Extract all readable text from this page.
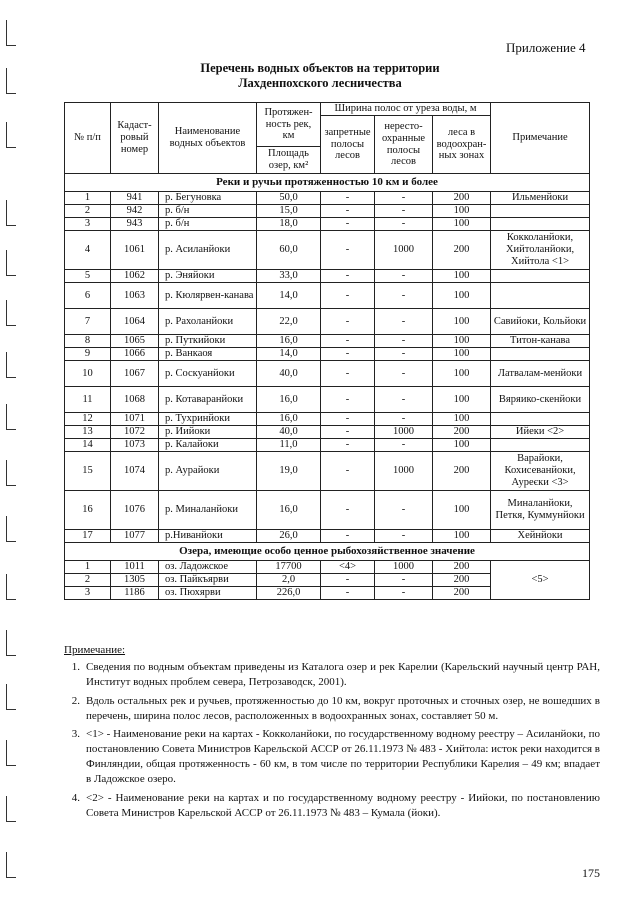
Приложение 4
Перечень водных объектов на территории
Лахденпохского лесничества
№ п/п	Кадаст-ровый номер	Наименование водных объектов	Протяжен-ность рек, км	Ширина полос от уреза воды, м			Примечание
				запретные полосы лесов	нересто-охранные полосы лесов	леса в водоохран-ных зонах	
			Площадь озер, км²				
Реки и ручьи протяженностью 10 км и более							
1	941	р. Бегуновка	50,0	-	-	200	Ильменйоки
2	942	р. б/н	15,0	-	-	100	
3	943	р. б/н	18,0	-	-	100	
4	1061	р. Асиланйоки	60,0	-	1000	200	Кокколанйоки, Хийтоланйоки, Хийтола <1>
5	1062	р. Эняйоки	33,0	-	-	100	
6	1063	р. Кюлярвен-канава	14,0	-	-	100	
7	1064	р. Рахоланйоки	22,0	-	-	100	Савийоки, Кольйоки
8	1065	р. Путкийоки	16,0	-	-	100	Титон-канава
9	1066	р. Ванкаоя	14,0	-	-	100	
10	1067	р. Соскуанйоки	40,0	-	-	100	Латвалам-менйоки
11	1068	р. Котаваранйоки	16,0	-	-	100	Вяряико-скенйоки
12	1071	р. Тухринйоки	16,0	-	-	100	
13	1072	р. Иийоки	40,0	-	1000	200	Ийеки <2>
14	1073	р. Калайоки	11,0	-	-	100	
15	1074	р. Аурайоки	19,0	-	1000	200	Варайоки, Кохисеванйоки, Ауреєки <3>
16	1076	р. Миналанйоки	16,0	-	-	100	Миналанйоки, Петкя, Куммунйоки
17	1077	р.Ниванйоки	26,0	-	-	100	Хейнйоки
Озера, имеющие особо ценное рыбохозяйственное значение							
1	1011	оз. Ладожское	17700	<4>	1000	200	<5>
2	1305	оз. Пайкъярви	2,0	-	-	200	
3	1186	оз. Пюхярви	226,0	-	-	200	
Примечание:
1. Сведения по водным объектам приведены из Каталога озер и рек Карелии (Карельский научный центр РАН, Институт водных проблем севера, Петрозаводск, 2001).
2. Вдоль остальных рек и ручьев, протяженностью до 10 км, вокруг проточных и сточных озер, не вошедших в перечень, ширина полос лесов, расположенных в водоохранных зонах, составляет 50 м.
3. <1> - Наименование реки на картах - Кокколанйоки, по государственному водному реестру – Асиланйоки, по постановлению Совета Министров Карельской АССР от 26.11.1973 № 483 - Хийтола: исток реки находится в Финляндии, общая протяженность - 60 км, в том числе по территории Республики Карелия – 49 км; впадает в Ладожское озеро.
4. <2> - Наименование реки на картах и по государственному водному реестру - Иийоки, по постановлению Совета Министров Карельской АССР от 26.11.1973 № 483 – Кумала (йоки).
175
